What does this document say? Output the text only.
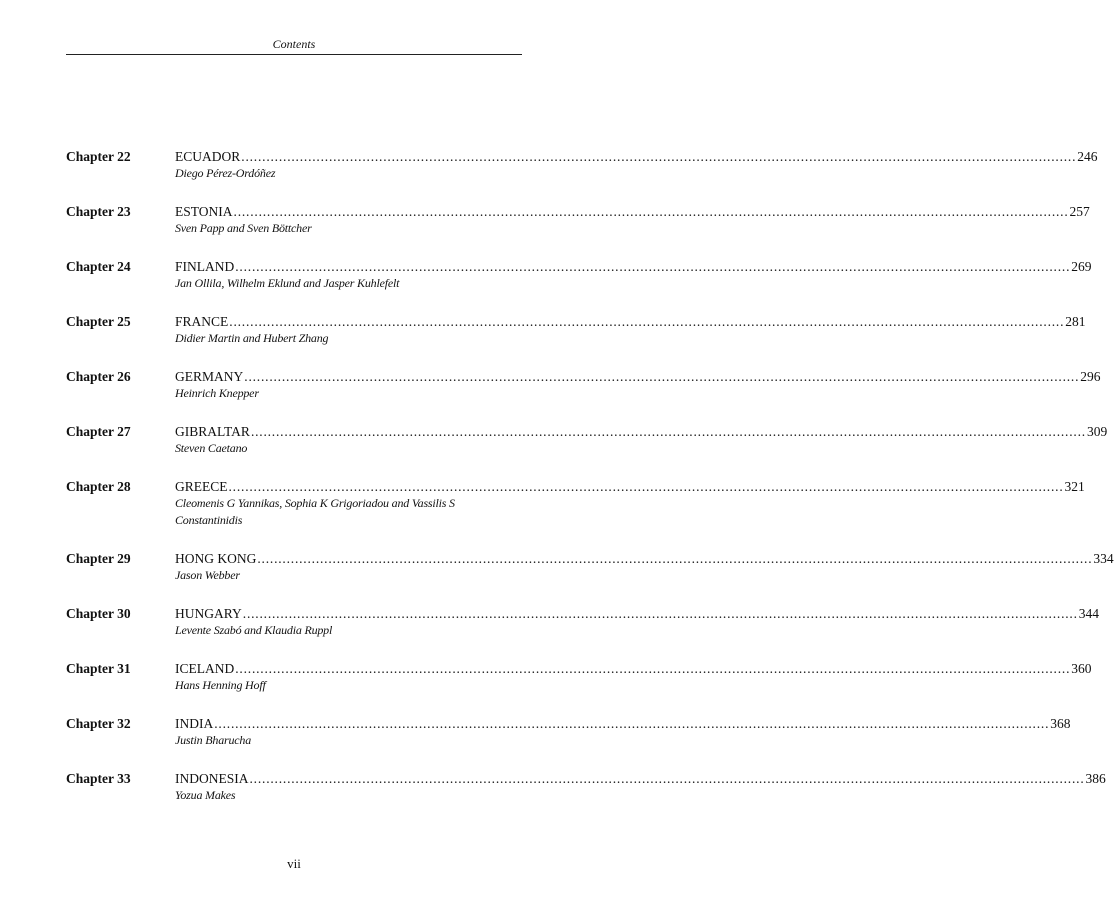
Contents
Chapter 22	ECUADOR ........................................................................................................................................................................................................ 246
Diego Pérez-Ordóñez
Chapter 23	ESTONIA ........................................................................................................................................................................................................ 257
Sven Papp and Sven Böttcher
Chapter 24	FINLAND ........................................................................................................................................................................................................ 269
Jan Ollila, Wilhelm Eklund and Jasper Kuhlefelt
Chapter 25	FRANCE ........................................................................................................................................................................................................ 281
Didier Martin and Hubert Zhang
Chapter 26	GERMANY ........................................................................................................................................................................................................ 296
Heinrich Knepper
Chapter 27	GIBRALTAR ........................................................................................................................................................................................................ 309
Steven Caetano
Chapter 28	GREECE ........................................................................................................................................................................................................ 321
Cleomenis G Yannikas, Sophia K Grigoriadou and Vassilis S Constantinidis
Chapter 29	HONG KONG ........................................................................................................................................................................................................ 334
Jason Webber
Chapter 30	HUNGARY ........................................................................................................................................................................................................ 344
Levente Szabó and Klaudia Ruppl
Chapter 31	ICELAND ........................................................................................................................................................................................................ 360
Hans Henning Hoff
Chapter 32	INDIA ........................................................................................................................................................................................................ 368
Justin Bharucha
Chapter 33	INDONESIA ........................................................................................................................................................................................................ 386
Yozua Makes
vii
